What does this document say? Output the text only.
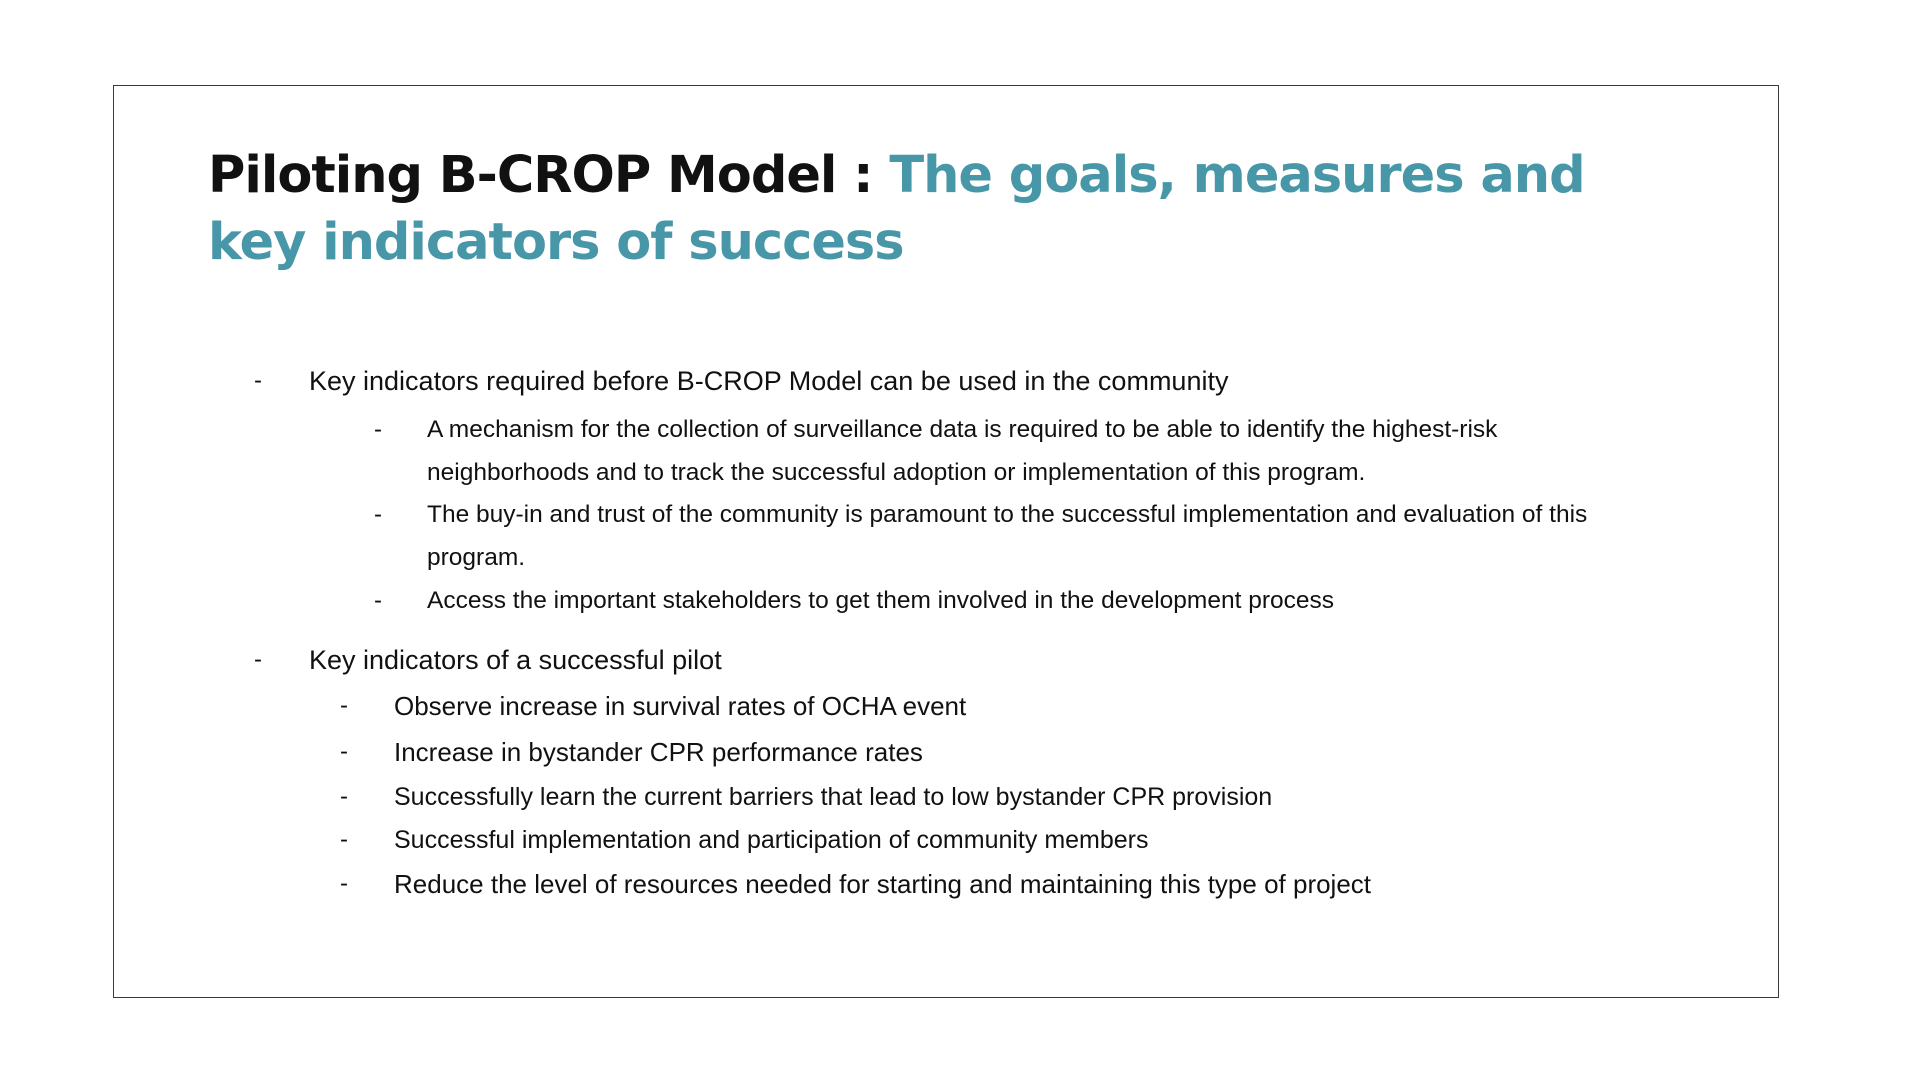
Piloting B-CROP Model : The goals, measures and key indicators of success
- Key indicators required before B-CROP Model can be used in the community
- A mechanism for the collection of surveillance data is required to be able to identify the highest-risk neighborhoods and to track the successful adoption or implementation of this program.
- The buy-in and trust of the community is paramount to the successful implementation and evaluation of this program.
- Access the important stakeholders to get them involved in the development process
- Key indicators of a successful pilot
- Observe increase in survival rates of OCHA event
- Increase in bystander CPR performance rates
- Successfully learn the current barriers that lead to low bystander CPR provision
- Successful implementation and participation of community members
- Reduce the level of resources needed for starting and maintaining this type of project
